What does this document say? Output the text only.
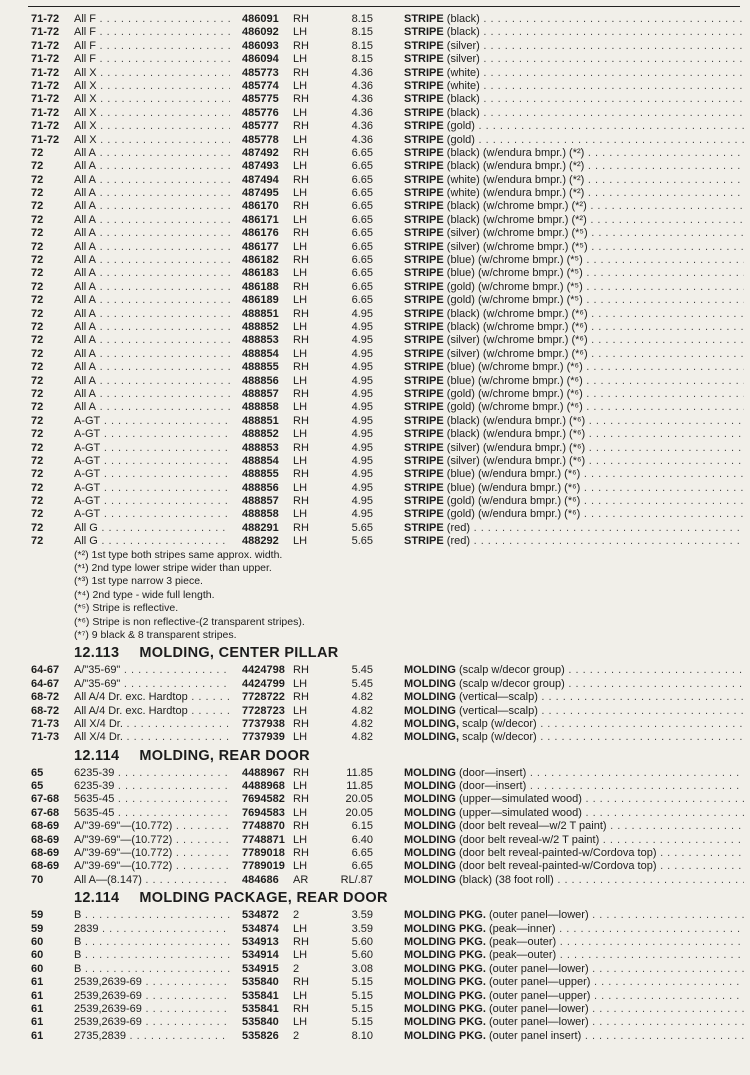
71-72 All F . . .	486091 RH	8.15	STRIPE (black) . . .
71-72 All F . . .	486092 LH	8.15	STRIPE (black) . . .
71-72 All F . . .	486093 RH	8.15	STRIPE (silver) . . .
71-72 All F . . .	486094 LH	8.15	STRIPE (silver) . . .
71-72 All X . . .	485773 RH	4.36	STRIPE (white) . . .
71-72 All X . . .	485774 LH	4.36	STRIPE (white) . . .
71-72 All X . . .	485775 RH	4.36	STRIPE (black) . . .
71-72 All X . . .	485776 LH	4.36	STRIPE (black) . . .
71-72 All X . . .	485777 RH	4.36	STRIPE (gold) . . .
71-72 All X . . .	485778 LH	4.36	STRIPE (gold) . . .
72	All A . . .	487492 RH	6.65	STRIPE (black) (w/endura bmpr.) (*²) . . .
72	All A . . .	487493 LH	6.65	STRIPE (black) (w/endura bmpr.) (*²) . . .
72	All A . . .	487494 RH	6.65	STRIPE (white) (w/endura bmpr.) (*²) . . .
72	All A . . .	487495 LH	6.65	STRIPE (white) (w/endura bmpr.) (*²) . . .
72	All A . . .	486170 RH	6.65	STRIPE (black) (w/chrome bmpr.) (*²) . . .
72	All A . . .	486171 LH	6.65	STRIPE (black) (w/chrome bmpr.) (*²) . . .
72	All A . . .	486176 RH	6.65	STRIPE (silver) (w/chrome bmpr.) (*⁵) . . .
72	All A . . .	486177 LH	6.65	STRIPE (silver) (w/chrome bmpr.) (*⁵) . . .
72	All A . . .	486182 RH	6.65	STRIPE (blue) (w/chrome bmpr.) (*⁵) . . .
72	All A . . .	486183 LH	6.65	STRIPE (blue) (w/chrome bmpr.) (*⁵) . . .
72	All A . . .	486188 RH	6.65	STRIPE (gold) (w/chrome bmpr.) (*⁵) . . .
72	All A . . .	486189 LH	6.65	STRIPE (gold) (w/chrome bmpr.) (*⁵) . . .
72	All A . . .	488851 RH	4.95	STRIPE (black) (w/chrome bmpr.) (*⁶) . . .
72	All A . . .	488852 LH	4.95	STRIPE (black) (w/chrome bmpr.) (*⁶) . . .
72	All A . . .	488853 RH	4.95	STRIPE (silver) (w/chrome bmpr.) (*⁶) . . .
72	All A . . .	488854 LH	4.95	STRIPE (silver) (w/chrome bmpr.) (*⁶) . . .
72	All A . . .	488855 RH	4.95	STRIPE (blue) (w/chrome bmpr.) (*⁶) . . .
72	All A . . .	488856 LH	4.95	STRIPE (blue) (w/chrome bmpr.) (*⁶) . . .
72	All A . . .	488857 RH	4.95	STRIPE (gold) (w/chrome bmpr.) (*⁶) . . .
72	All A . . .	488858 LH	4.95	STRIPE (gold) (w/chrome bmpr.) (*⁶) . . .
72	A-GT . . .	488851 RH	4.95	STRIPE (black) (w/endura bmpr.) (*⁶) . . .
72	A-GT . . .	488852 LH	4.95	STRIPE (black) (w/endura bmpr.) (*⁶) . . .
72	A-GT . . .	488853 RH	4.95	STRIPE (silver) (w/endura bmpr.) (*⁶) . . .
72	A-GT . . .	488854 LH	4.95	STRIPE (silver) (w/endura bmpr.) (*⁶) . . .
72	A-GT . . .	488855 RH	4.95	STRIPE (blue) (w/endura bmpr.) (*⁶) . . .
72	A-GT . . .	488856 LH	4.95	STRIPE (blue) (w/endura bmpr.) (*⁶) . . .
72	A-GT . . .	488857 RH	4.95	STRIPE (gold) (w/endura bmpr.) (*⁶) . . .
72	A-GT . . .	488858 LH	4.95	STRIPE (gold) (w/endura bmpr.) (*⁶) . . .
72	All G . . .	488291 RH	5.65	STRIPE (red) . . .
72	All G . . .	488292 LH	5.65	STRIPE (red) . . .
(*²) 1st type both stripes same approx. width.
(*¹) 2nd type lower stripe wider than upper.
(*³) 1st type narrow 3 piece.
(*⁴) 2nd type - wide full length.
(*⁵) Stripe is reflective.
(*⁶) Stripe is non reflective-(2 transparent stripes).
(*⁷) 9 black & 8 transparent stripes.
12.113 MOLDING, CENTER PILLAR
64-67 A/"35-69" . . .	4424798 RH	5.45	MOLDING (scalp w/decor group) . . .
64-67 A/"35-69" . . .	4424799 LH	5.45	MOLDING (scalp w/decor group) . . .
68-72 All A/4 Dr. exc. Hardtop . . .	7728722 RH	4.82	MOLDING (vertical—scalp) . . .
68-72 All A/4 Dr. exc. Hardtop . . .	7728723 LH	4.82	MOLDING (vertical—scalp) . . .
71-73 All X/4 Dr. . . .	7737938 RH	4.82	MOLDING, scalp (w/decor) . . .
71-73 All X/4 Dr. . . .	7737939 LH	4.82	MOLDING, scalp (w/decor) . . .
12.114 MOLDING, REAR DOOR
65	6235-39 . . .	4488967 RH	11.85	MOLDING (door—insert) . . .
65	6235-39 . . .	4488968 LH	11.85	MOLDING (door—insert) . . .
67-68 5635-45 . . .	7694582 RH	20.05	MOLDING (upper—simulated wood) . . .
67-68 5635-45 . . .	7694583 LH	20.05	MOLDING (upper—simulated wood) . . .
68-69 A/"39-69"—(10.772) . . .	7748870 RH	6.15	MOLDING (door belt reveal—w/2 T paint) . . .
68-69 A/"39-69"—(10.772) . . .	7748871 LH	6.40	MOLDING (door belt reveal-w/2 T paint) . . .
68-69 A/"39-69"—(10.772) . . .	7789018 RH	6.65	MOLDING (door belt reveal-painted-w/Cordova top) . . .
68-69 A/"39-69"—(10.772) . . .	7789019 LH	6.65	MOLDING (door belt reveal-painted-w/Cordova top) . . .
70	All A—(8.147) . . .	484686 AR	RL/.87	MOLDING (black) (38 foot roll) . . .
12.114 MOLDING PACKAGE, REAR DOOR
59	B . . .	534872 2	3.59	MOLDING PKG. (outer panel—lower) . . .
59	2839 . . .	534874 LH	3.59	MOLDING PKG. (peak—inner) . . .
60	B . . .	534913 RH	5.60	MOLDING PKG. (peak—outer) . . .
60	B . . .	534914 LH	5.60	MOLDING PKG. (peak—outer) . . .
60	B . . .	534915 2	3.08	MOLDING PKG. (outer panel—lower) . . .
61	2539,2639-69 . . .	535840 RH	5.15	MOLDING PKG. (outer panel—upper) . . .
61	2539,2639-69 . . .	535841 LH	5.15	MOLDING PKG. (outer panel—upper) . . .
61	2539,2639-69 . . .	535841 RH	5.15	MOLDING PKG. (outer panel—lower) . . .
61	2539,2639-69 . . .	535840 LH	5.15	MOLDING PKG. (outer panel—lower) . . .
61	2735,2839 . . .	535826 2	8.10	MOLDING PKG. (outer panel insert) . . .
